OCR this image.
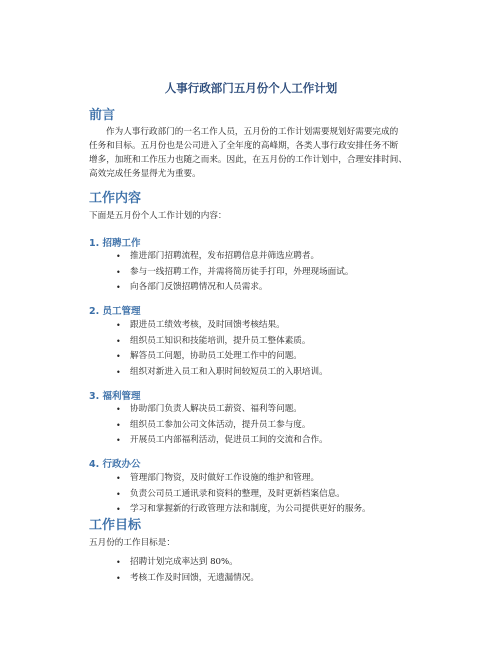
人事行政部门五月份个人工作计划
前言
作为人事行政部门的一名工作人员，五月份的工作计划需要规划好需要完成的
任务和目标。五月份也是公司进入了全年度的高峰期，各类人事行政安排任务不断
增多，加班和工作压力也随之而来。因此，在五月份的工作计划中，合理安排时间、
高效完成任务显得尤为重要。
工作内容
下面是五月份个人工作计划的内容：
1. 招聘工作
• 推进部门招聘流程，发布招聘信息并筛选应聘者。
• 参与一线招聘工作，并需将简历徒手打印，外理现场面试。
• 向各部门反馈招聘情况和人员需求。
2. 员工管理
• 跟进员工绩效考核，及时回馈考核结果。
• 组织员工知识和技能培训，提升员工整体素质。
• 解答员工问题，协助员工处理工作中的问题。
• 组织对新进入员工和入职时间较短员工的入职培训。
3. 福利管理
• 协助部门负责人解决员工薪资、福利等问题。
• 组织员工参加公司文体活动，提升员工参与度。
• 开展员工内部福利活动，促进员工间的交流和合作。
4. 行政办公
• 管理部门物资，及时做好工作设施的维护和管理。
• 负责公司员工通讯录和资料的整理，及时更新档案信息。
• 学习和掌握新的行政管理方法和制度，为公司提供更好的服务。
工作目标
五月份的工作目标是：
• 招聘计划完成率达到 80%。
• 考核工作及时回馈，无遗漏情况。
